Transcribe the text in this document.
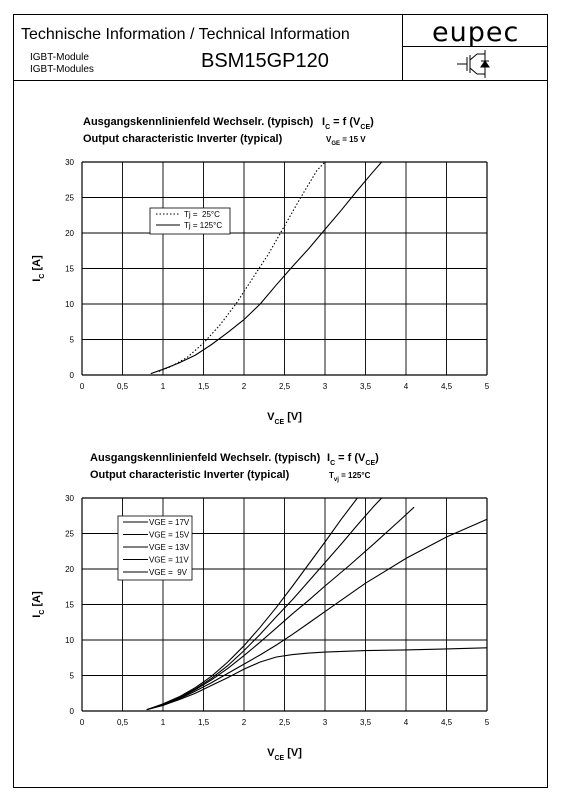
Technische Information / Technical Information
IGBT-Module
IGBT-Modules	BSM15GP120
eupec
Ausgangskennlinienfeld Wechselr. (typisch)
Output characteristic Inverter (typical)
$I_C = f$ $(V_{CE})$
$V_{GE} = 15$ V
0	0,5	1	1,5	2	2,5	3	3,5	4	4,5	5
0
5
10
15
20
25
30
$V_{CE}$ [V]
$I_C$ [A]
Tj =  25°C
Tj = 125°C
Ausgangskennlinienfeld Wechselr. (typisch)
Output characteristic Inverter (typical)
$I_C = f$ $(V_{CE})$
$T_{vj} = 125^\circ C$
0	0,5	1	1,5	2	2,5	3	3,5	4	4,5	5
0
5
10
15
20
25
30
$V_{CE}$ [V]
$I_C$ [A]
VGE = 17V
VGE = 15V
VGE = 13V
VGE = 11V
VGE =  9V
